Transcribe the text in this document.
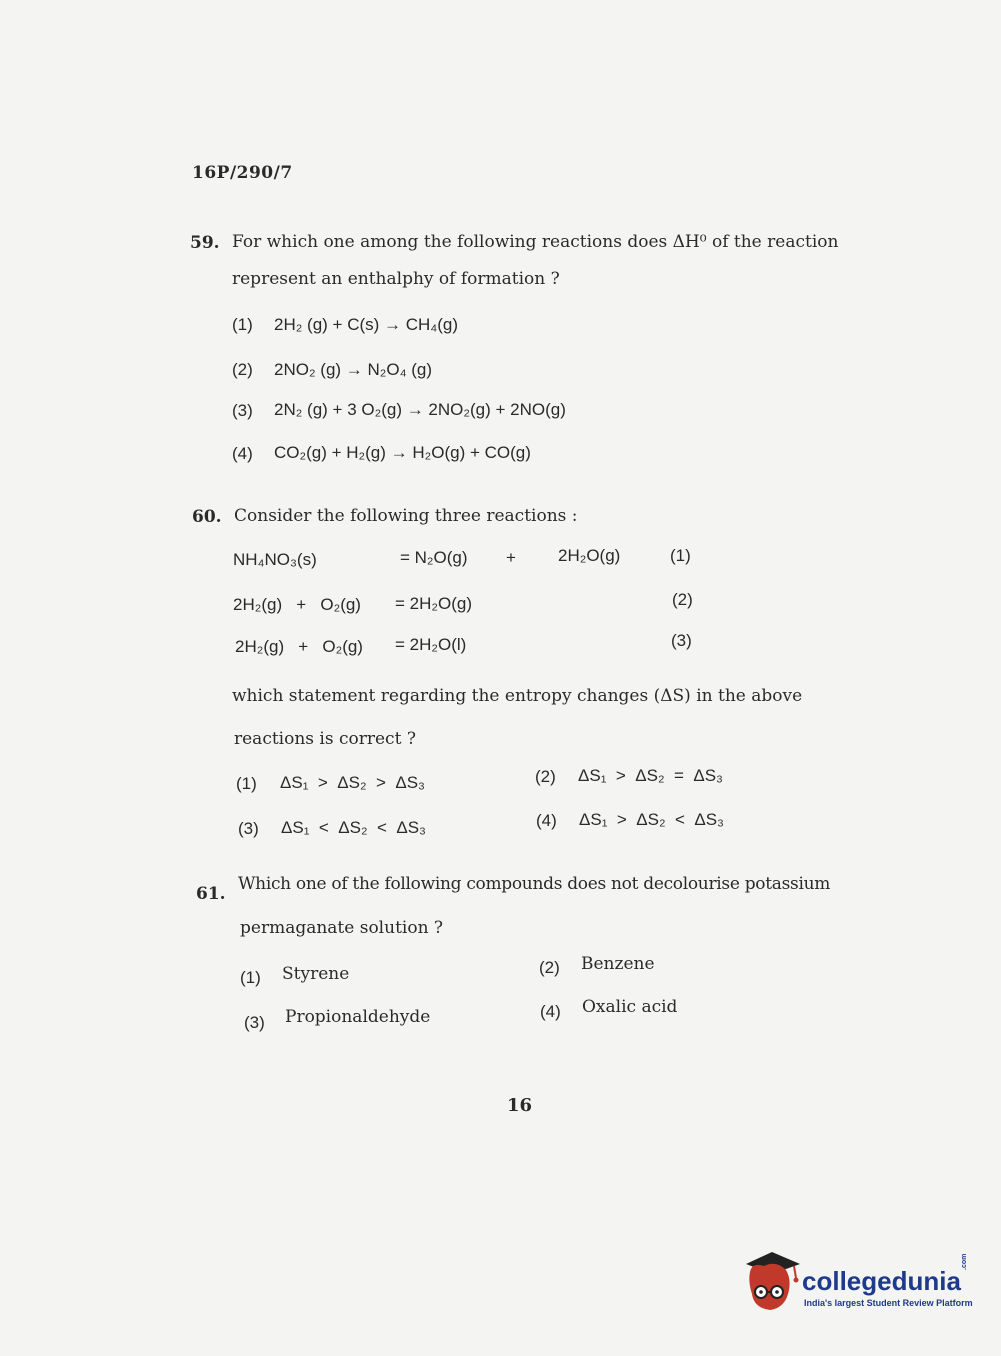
16P/290/7
59. For which one among the following reactions does ΔH⁰ of the reaction
represent an enthalphy of formation ?
(1) 2H₂ (g) + C(s) → CH₄(g)
(2) 2NO₂ (g) → N₂O₄ (g)
(3) 2N₂ (g) + 3 O₂(g) → 2NO₂(g) + 2NO(g)
(4) CO₂(g) + H₂(g) → H₂O(g) + CO(g)
60. Consider the following three reactions :
NH₄NO₃(s)	= N₂O(g) + 2H₂O(g)	(1)
2H₂(g)   +   O₂(g) = 2H₂O(g)	(2)
2H₂(g)   +   O₂(g) = 2H₂O(l)	(3)
which statement regarding the entropy changes (ΔS) in the above
reactions is correct ?
(1) ΔS₁  >  ΔS₂  >  ΔS₃	(2) ΔS₁  >  ΔS₂  =  ΔS₃
(3) ΔS₁  <  ΔS₂  <  ΔS₃	(4) ΔS₁  >  ΔS₂  <  ΔS₃
61. Which one of the following compounds does not decolourise potassium
permaganate solution ?
(1) Styrene	(2) Benzene
(3) Propionaldehyde	(4) Oxalic acid
16
collegedunia
.com
India's largest Student Review Platform
